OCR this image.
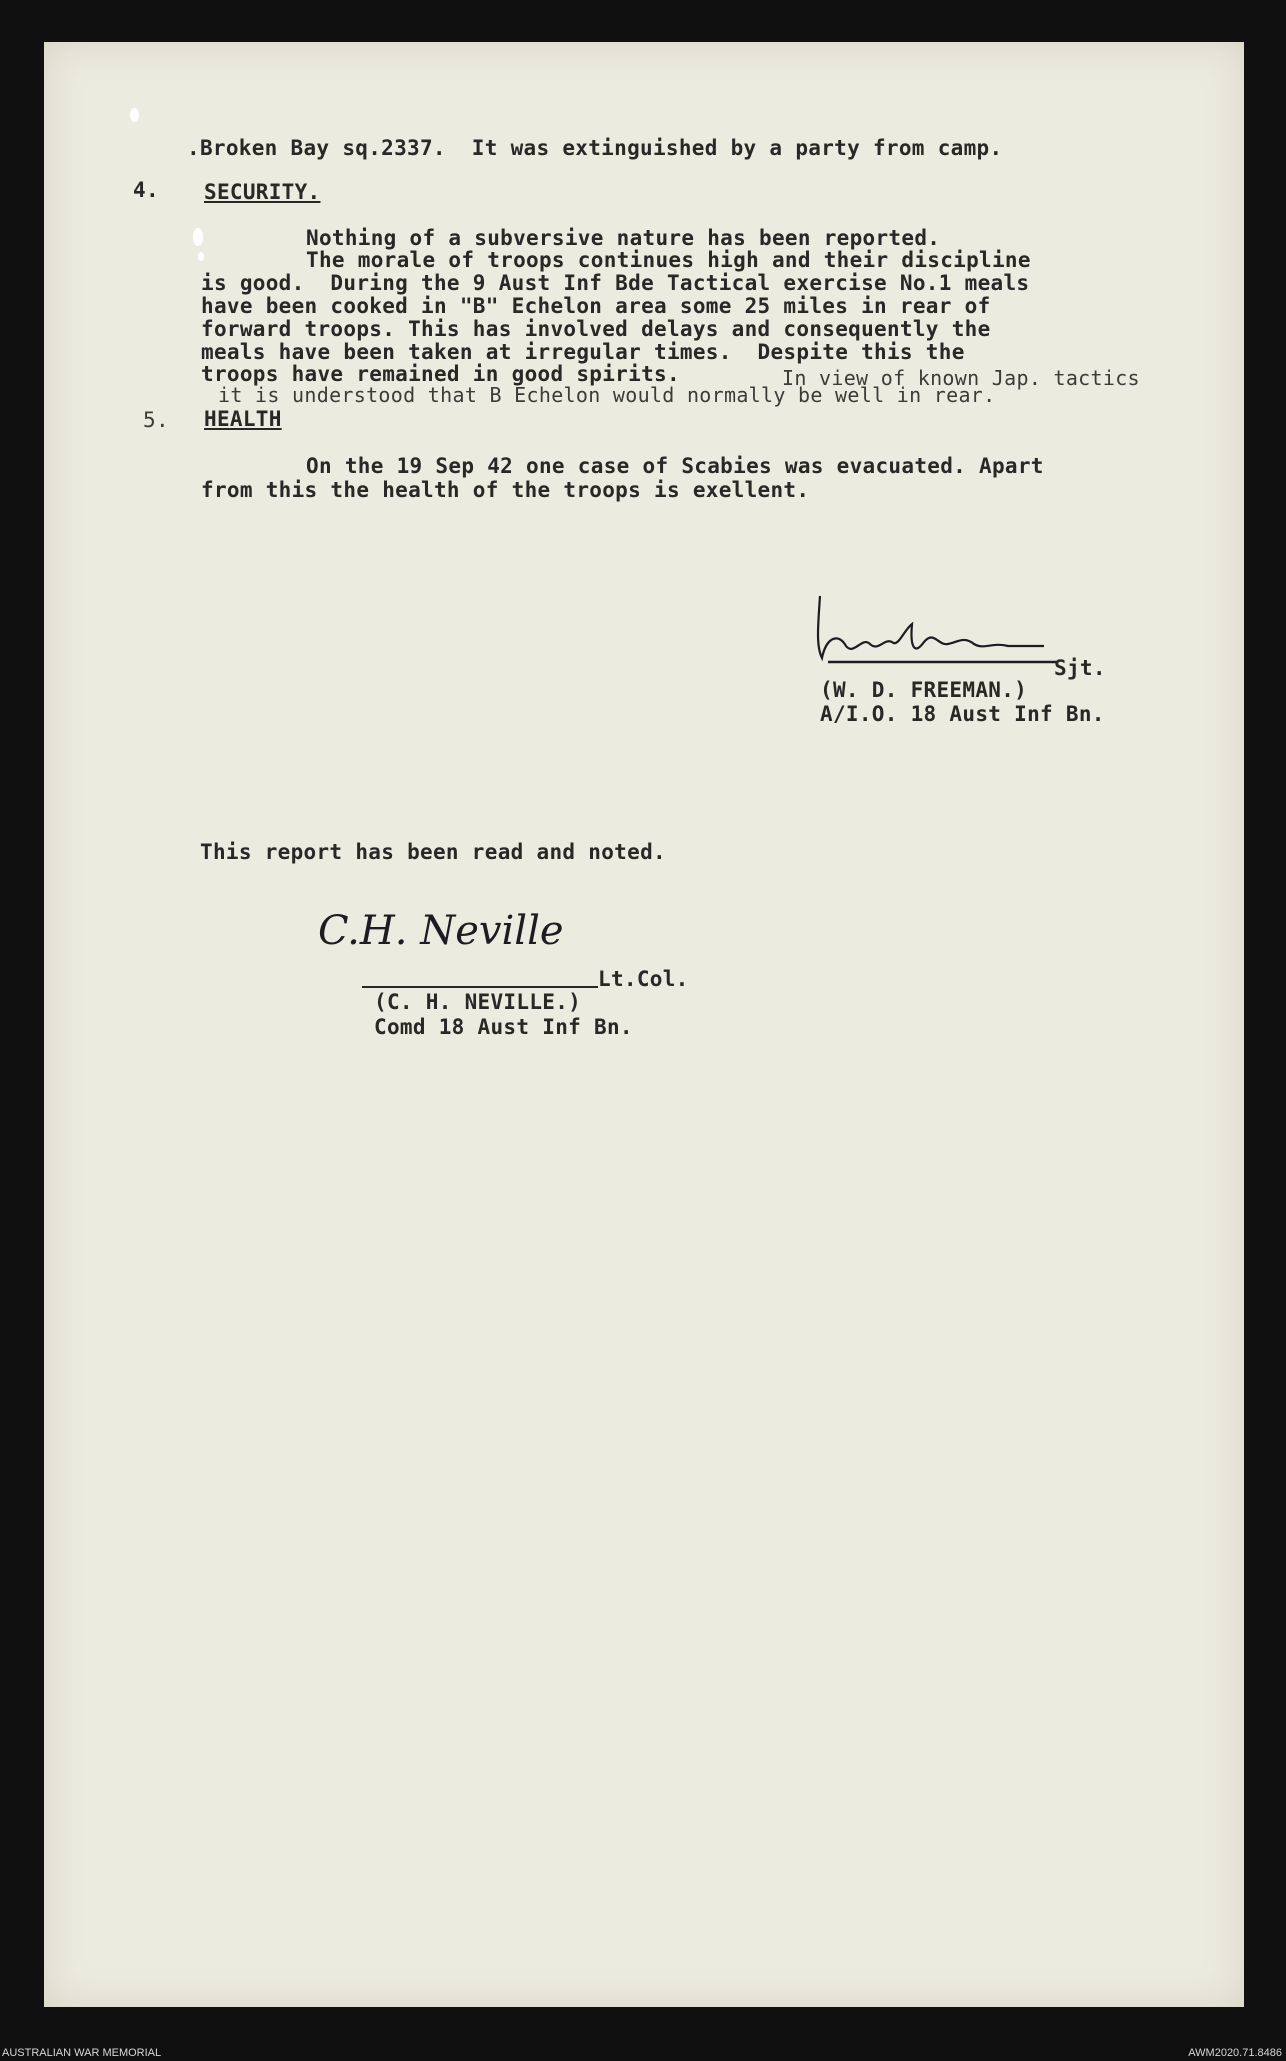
.Broken Bay sq.2337.  It was extinguished by a party from camp.
4. SECURITY.
Nothing of a subversive nature has been reported.
The morale of troops continues high and their discipline
is good.  During the 9 Aust Inf Bde Tactical exercise No.1 meals
have been cooked in "B" Echelon area some 25 miles in rear of
forward troops. This has involved delays and consequently the
meals have been taken at irregular times.  Despite this the
troops have remained in good spirits.	In view of known Jap. tactics
it is understood that B Echelon would normally be well in rear.
5. HEALTH
On the 19 Sep 42 one case of Scabies was evacuated. Apart
from this the health of the troops is exellent.
Sjt.
(W. D. FREEMAN.)
A/I.O. 18 Aust Inf Bn.
This report has been read and noted.
C.H. Neville
Lt.Col.
(C. H. NEVILLE.)
Comd 18 Aust Inf Bn.
AUSTRALIAN WAR MEMORIAL	AWM2020.71.8486
